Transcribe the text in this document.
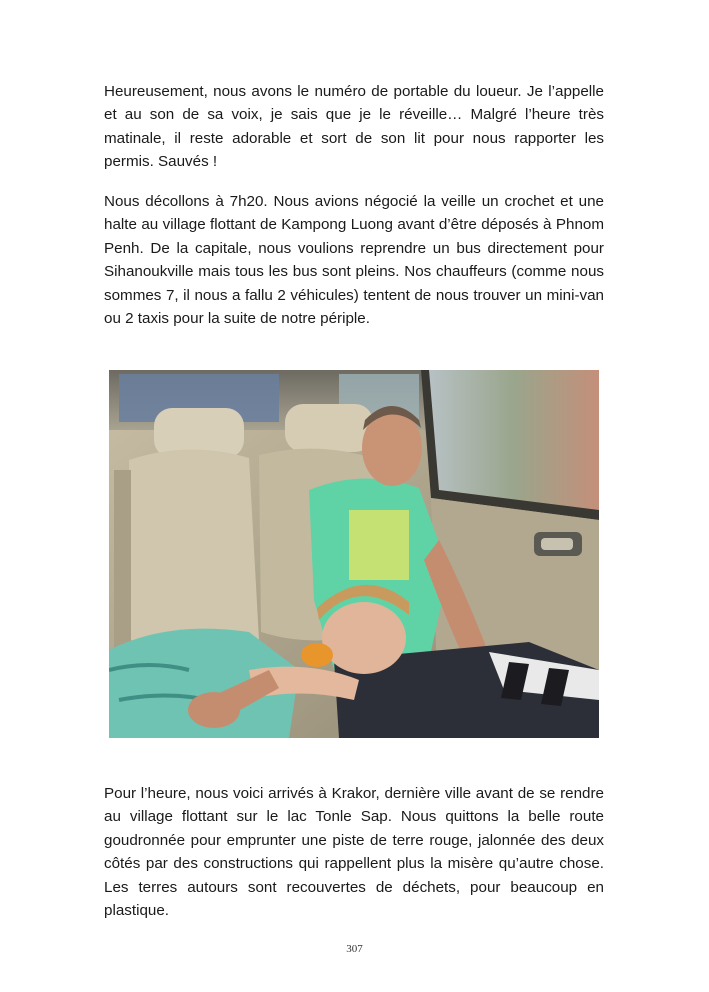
Heureusement, nous avons le numéro de portable du loueur. Je l’appelle et au son de sa voix, je sais que je le réveille… Malgré l’heure très matinale, il reste adorable et sort de son lit pour nous rapporter les permis. Sauvés !

Nous décollons à 7h20. Nous avions négocié la veille un crochet et une halte au village flottant de Kampong Luong avant d’être déposés à Phnom Penh. De la capitale, nous voulions reprendre un bus directement pour Sihanoukville mais tous les bus sont pleins. Nos chauffeurs (comme nous sommes 7, il nous a fallu 2 véhicules) tentent de nous trouver un mini-van ou 2 taxis pour la suite de notre périple.

Pour l’heure, nous voici arrivés à Krakor, dernière ville avant de se rendre au village flottant sur le lac Tonle Sap. Nous quittons la belle route goudronnée pour emprunter une piste de terre rouge, jalonnée des deux côtés par des constructions qui rappellent plus la misère qu’autre chose. Les terres autours sont recouvertes de déchets, pour beaucoup en plastique.

307
